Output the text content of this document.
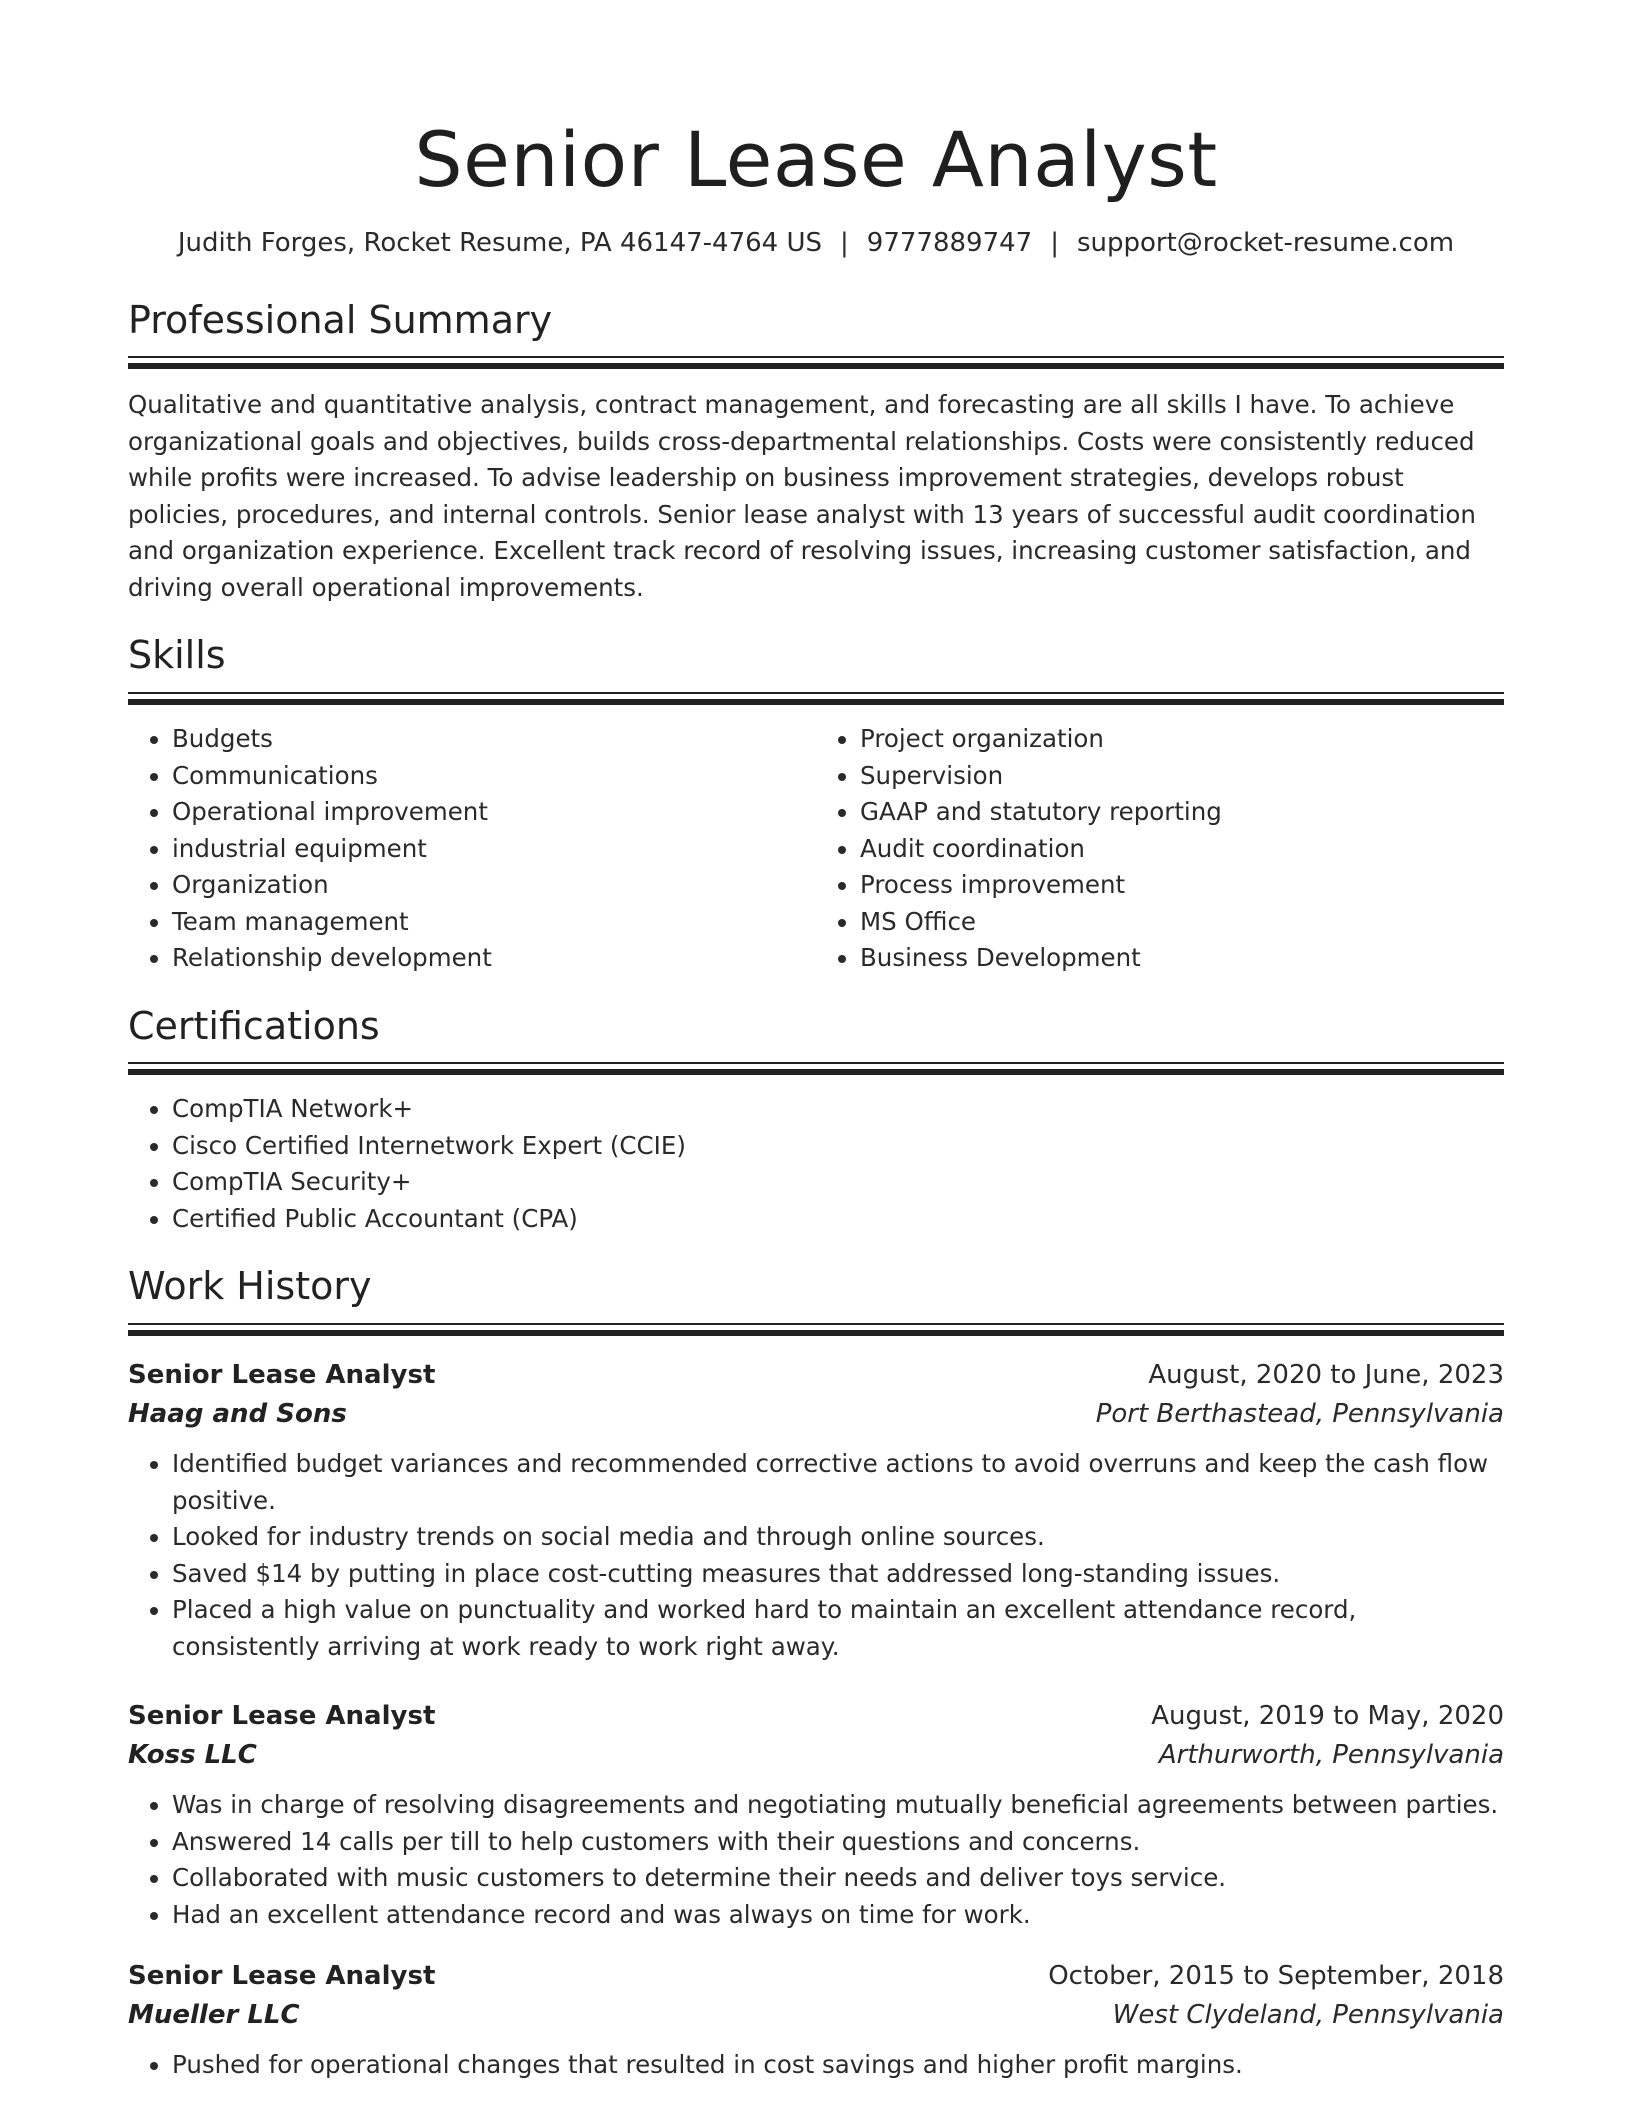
Senior Lease Analyst
Judith Forges, Rocket Resume, PA 46147-4764 US | 9777889747 | support@rocket-resume.com
Professional Summary

Qualitative and quantitative analysis, contract management, and forecasting are all skills I have. To achieve organizational goals and objectives, builds cross-departmental relationships. Costs were consistently reduced while profits were increased. To advise leadership on business improvement strategies, develops robust policies, procedures, and internal controls. Senior lease analyst with 13 years of successful audit coordination and organization experience. Excellent track record of resolving issues, increasing customer satisfaction, and driving overall operational improvements.

Skills
• Budgets
• Communications
• Operational improvement
• industrial equipment
• Organization
• Team management
• Relationship development
• Project organization
• Supervision
• GAAP and statutory reporting
• Audit coordination
• Process improvement
• MS Office
• Business Development
Certifications
• CompTIA Network+
• Cisco Certified Internetwork Expert (CCIE)
• CompTIA Security+
• Certified Public Accountant (CPA)
Work History
Senior Lease Analyst	August, 2020 to June, 2023
Haag and Sons	Port Berthastead, Pennsylvania
• Identified budget variances and recommended corrective actions to avoid overruns and keep the cash flow positive.
• Looked for industry trends on social media and through online sources.
• Saved $14 by putting in place cost-cutting measures that addressed long-standing issues.
• Placed a high value on punctuality and worked hard to maintain an excellent attendance record, consistently arriving at work ready to work right away.
Senior Lease Analyst	August, 2019 to May, 2020
Koss LLC	Arthurworth, Pennsylvania
• Was in charge of resolving disagreements and negotiating mutually beneficial agreements between parties.
• Answered 14 calls per till to help customers with their questions and concerns.
• Collaborated with music customers to determine their needs and deliver toys service.
• Had an excellent attendance record and was always on time for work.
Senior Lease Analyst	October, 2015 to September, 2018
Mueller LLC	West Clydeland, Pennsylvania
• Pushed for operational changes that resulted in cost savings and higher profit margins.
